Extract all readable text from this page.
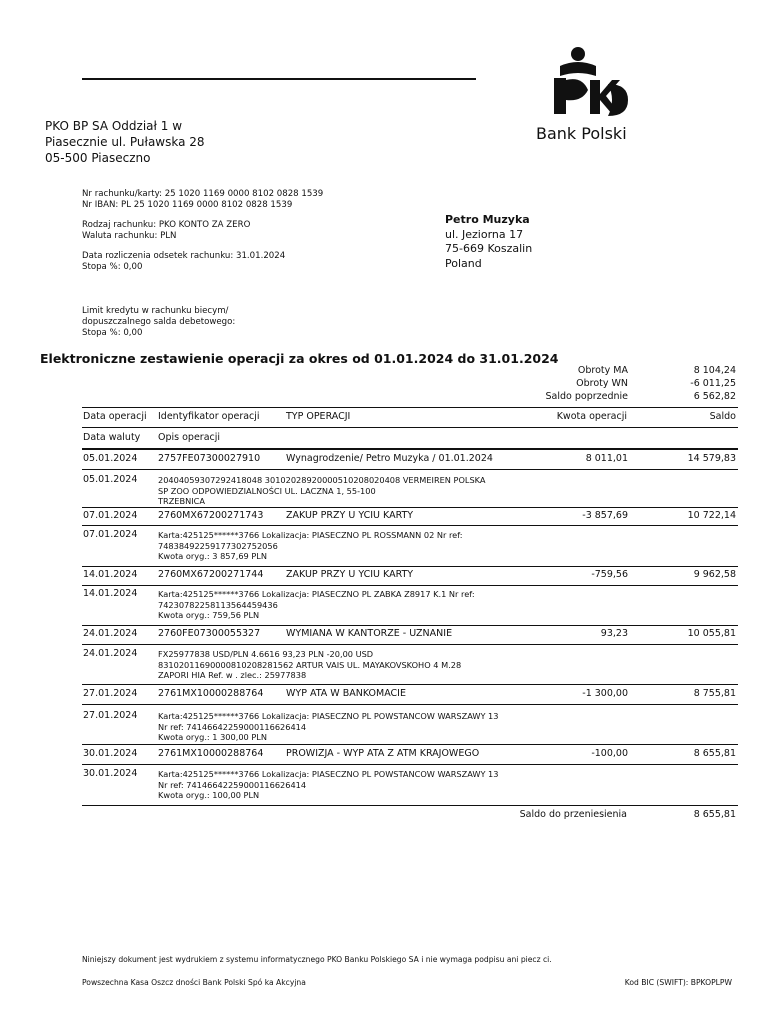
Bank Polski
PKO BP SA Oddział 1 w
Piasecznie ul. Puławska 28
05-500 Piaseczno
Nr rachunku/karty: 25 1020 1169 0000 8102 0828 1539
Nr IBAN: PL 25 1020 1169 0000 8102 0828 1539
Rodzaj rachunku: PKO KONTO ZA ZERO
Waluta rachunku: PLN
Data rozliczenia odsetek rachunku: 31.01.2024
Stopa %: 0,00
Limit kredytu w rachunku biecym/
dopuszczalnego salda debetowego:
Stopa %: 0,00
Petro Muzyka
ul. Jeziorna 17
75-669 Koszalin
Poland
Elektroniczne zestawienie operacji za okres od 01.01.2024 do 31.01.2024
Obroty MA	8 104,24
Obroty WN	-6 011,25
Saldo poprzednie	6 562,82
Data operacji Identyfikator operacji	TYP OPERACJI	Kwota operacji	Saldo
Data waluty Opis operacji
05.01.2024 2757FE07300027910	Wynagrodzenie/ Petro Muzyka / 01.01.2024	8 011,01	14 579,83
05.01.2024	20404059307292418048 30102028920000510208020408 VERMEIREN POLSKA
SP ZOO ODPOWIEDZIALNOŚCI UL. LACZNA 1, 55-100
TRZEBNICA
07.01.2024 2760MX67200271743 ZAKUP PRZY U YCIU KARTY	-3 857,69	10 722,14
07.01.2024	Karta:425125******3766 Lokalizacja: PIASECZNO PL ROSSMANN 02 Nr ref:
74838492259177302752056
Kwota oryg.: 3 857,69 PLN
14.01.2024 2760MX67200271744 ZAKUP PRZY U YCIU KARTY	-759,56	9 962,58
14.01.2024	Karta:425125******3766 Lokalizacja: PIASECZNO PL ZABKA Z8917 K.1 Nr ref:
74230782258113564459436
Kwota oryg.: 759,56 PLN
24.01.2024 2760FE07300055327	WYMIANA W KANTORZE - UZNANIE	93,23	10 055,81
24.01.2024	FX25977838 USD/PLN 4.6616 93,23 PLN -20,00 USD
83102011690000810208281562 ARTUR VAIS UL. MAYAKOVSKOHO 4 M.28
ZAPORI HIA Ref. w . zlec.: 25977838
27.01.2024 2761MX10000288764 WYP ATA W BANKOMACIE	-1 300,00	8 755,81
27.01.2024	Karta:425125******3766 Lokalizacja: PIASECZNO PL POWSTANCOW WARSZAWY 13
Nr ref: 74146642259000116626414
Kwota oryg.: 1 300,00 PLN
30.01.2024 2761MX10000288764 PROWIZJA - WYP ATA Z ATM KRAJOWEGO	-100,00	8 655,81
30.01.2024	Karta:425125******3766 Lokalizacja: PIASECZNO PL POWSTANCOW WARSZAWY 13
Nr ref: 74146642259000116626414
Kwota oryg.: 100,00 PLN
Saldo do przeniesienia	8 655,81
Niniejszy dokument jest wydrukiem z systemu informatycznego PKO Banku Polskiego SA i nie wymaga podpisu ani piecz ci.
Powszechna Kasa Oszcz dności Bank Polski Spó ka Akcyjna	Kod BIC (SWIFT): BPKOPLPW
